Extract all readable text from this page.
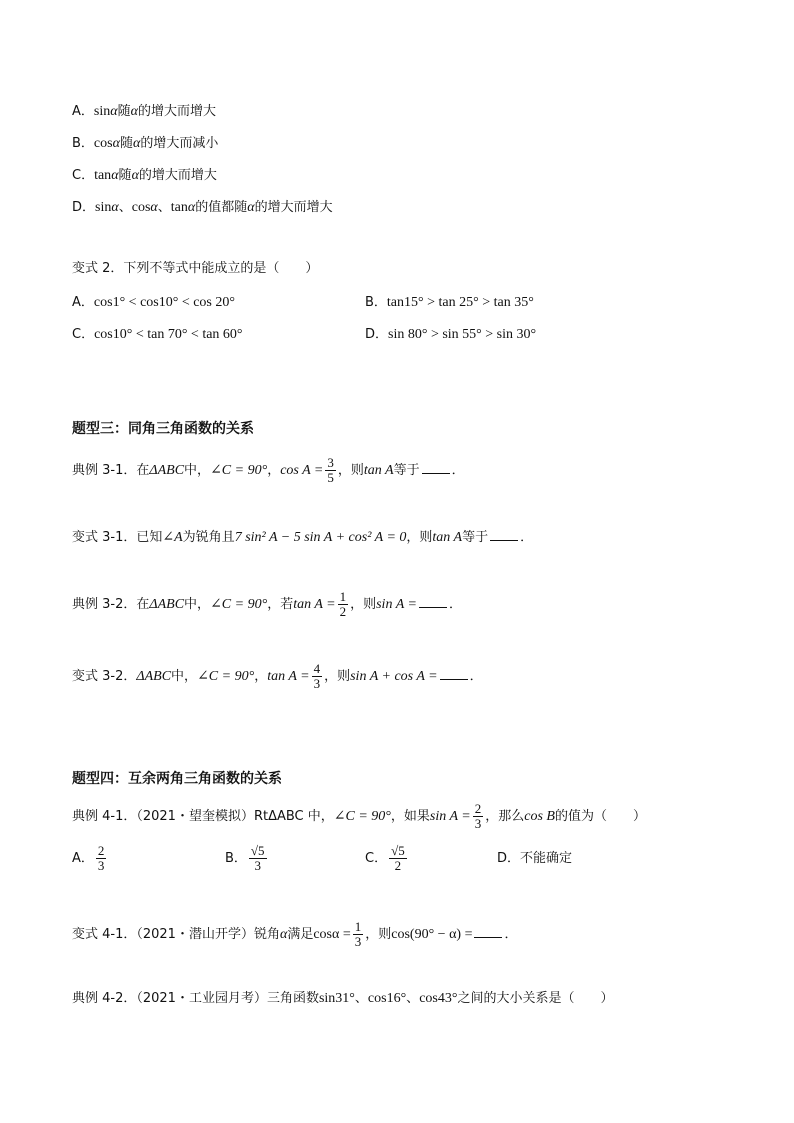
A．sinα随α的增大而增大
B．cosα随α的增大而减小
C．tanα随α的增大而增大
D．sinα、cosα、tanα的值都随α的增大而增大
变式 2．下列不等式中能成立的是（　　）
A．cos1° < cos10° < cos 20°	B．tan15° > tan 25° > tan 35°
C．cos10° < tan 70° < tan 60°	D．sin 80° > sin 55° > sin 30°
题型三：同角三角函数的关系
典例 3-1．在ΔABC中，∠C = 90°，$\cos A = \frac{3}{5}$ ，则tan A等于 ．
变式 3-1．已知∠A为锐角且7 sin² A − 5 sin A + cos² A = 0，则tan A等于 ．
典例 3-2．在ΔABC中，∠C = 90°，若$\tan A = \frac{1}{2}$ ，则sin A = ．
变式 3-2．ΔABC中，∠C = 90°，$\tan A = \frac{4}{3}$ ，则sin A + cos A = ．
题型四：互余两角三角函数的关系
典例 4-1．（2021・望奎模拟）RtΔABC 中，∠C = 90°，如果$\sin A = \frac{2}{3}$ ，那么cos B的值为（　　）
A． $\frac{2}{3}$	B． $\frac{√5}{3}$	C． $\frac{√5}{2}$	D．不能确定
变式 4-1．（2021・潜山开学）锐角α满足$\cos\alpha = \frac{1}{3}$ ，则cos(90° − α) = ．
典例 4-2．（2021・工业园月考）三角函数sin31°、cos16°、cos43°之间的大小关系是（　　）
